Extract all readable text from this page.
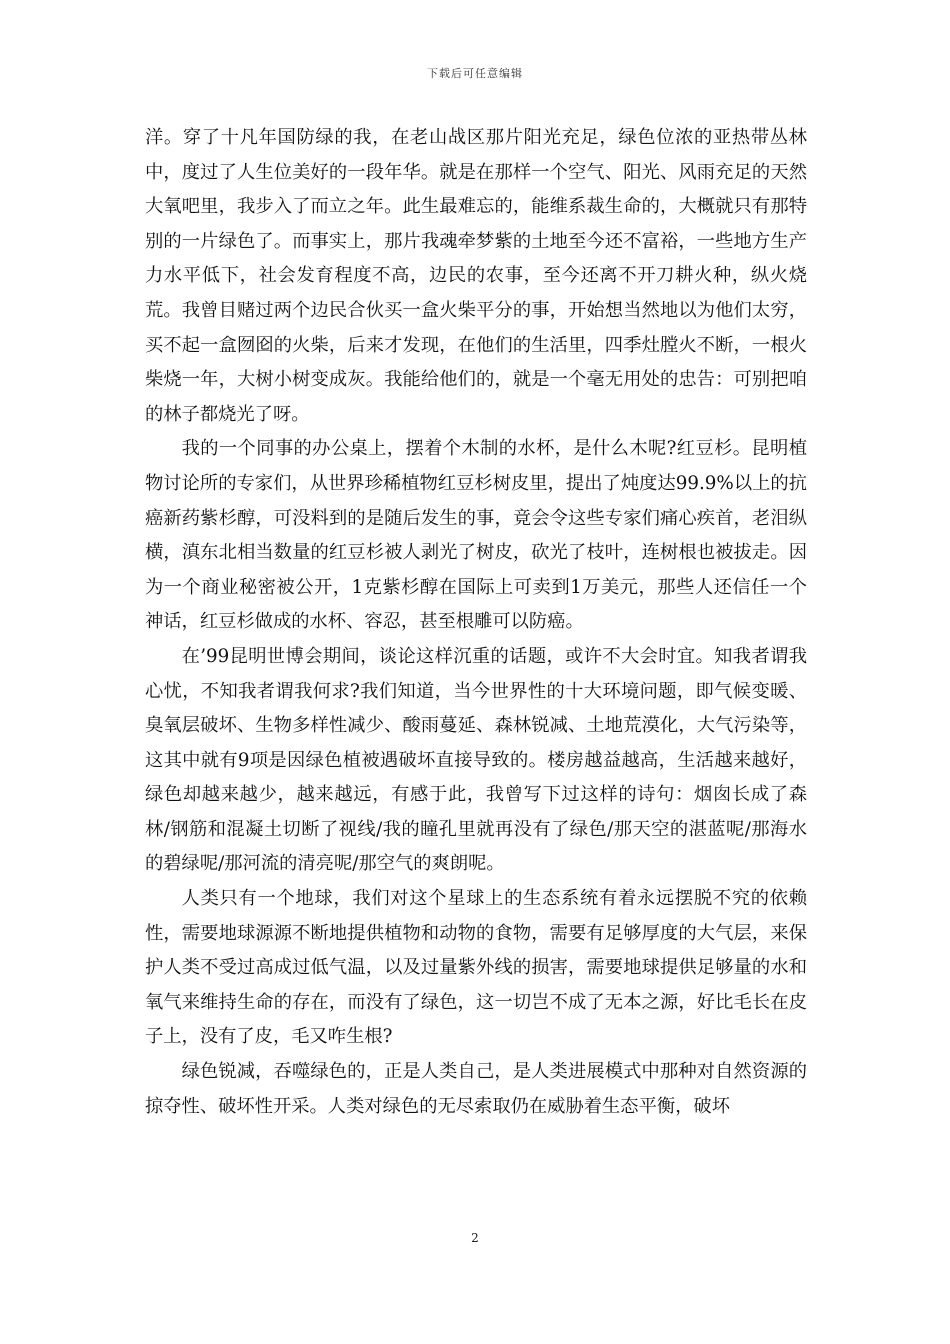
下载后可任意编辑

洋。穿了十凡年国防绿的我，在老山战区那片阳光充足，绿色位浓的亚热带丛林中，度过了人生位美好的一段年华。就是在那样一个空气、阳光、风雨充足的天然大氧吧里，我步入了而立之年。此生最难忘的，能维系裁生命的，大概就只有那特别的一片绿色了。而事实上，那片我魂牵梦紫的土地至今还不富裕，一些地方生产力水平低下，社会发育程度不高，边民的农事，至今还离不开刀耕火种，纵火烧荒。我曾目赌过两个边民合伙买一盒火柴平分的事，开始想当然地以为他们太穷，买不起一盒囫囵的火柴，后来才发现，在他们的生活里，四季灶膛火不断，一根火柴烧一年，大树小树变成灰。我能给他们的，就是一个毫无用处的忠告：可别把咱的林子都烧光了呀。

我的一个同事的办公桌上，摆着个木制的水杯，是什么木呢?红豆杉。昆明植物讨论所的专家们，从世界珍稀植物红豆杉树皮里，提出了炖度达99.9%以上的抗癌新药紫杉醇，可没料到的是随后发生的事，竟会令这些专家们痛心疾首，老泪纵横，滇东北相当数量的红豆杉被人剥光了树皮，砍光了枝叶，连树根也被拔走。因为一个商业秘密被公开，1克紫杉醇在国际上可卖到1万美元，那些人还信任一个神话，红豆杉做成的水杯、容忍，甚至根雕可以防癌。

在’99昆明世博会期间，谈论这样沉重的话题，或许不大会时宜。知我者谓我心忧，不知我者谓我何求?我们知道，当今世界性的十大环境问题，即气候变暖、臭氧层破坏、生物多样性减少、酸雨蔓延、森林锐减、土地荒漠化，大气污染等，这其中就有9项是因绿色植被遇破坏直接导致的。楼房越益越高，生活越来越好，绿色却越来越少，越来越远，有感于此，我曾写下过这样的诗句：烟囱长成了森林/钢筋和混凝土切断了视线/我的瞳孔里就再没有了绿色/那天空的湛蓝呢/那海水的碧绿呢/那河流的清亮呢/那空气的爽朗呢。

人类只有一个地球，我们对这个星球上的生态系统有着永远摆脱不究的依赖性，需要地球源源不断地提供植物和动物的食物，需要有足够厚度的大气层，来保护人类不受过高成过低气温，以及过量紫外线的损害，需要地球提供足够量的水和氧气来维持生命的存在，而没有了绿色，这一切岂不成了无本之源，好比毛长在皮子上，没有了皮，毛又咋生根?

绿色锐减，吞噬绿色的，正是人类自己，是人类进展模式中那种对自然资源的掠夺性、破坏性开采。人类对绿色的无尽索取仍在威胁着生态平衡，破坏

2
